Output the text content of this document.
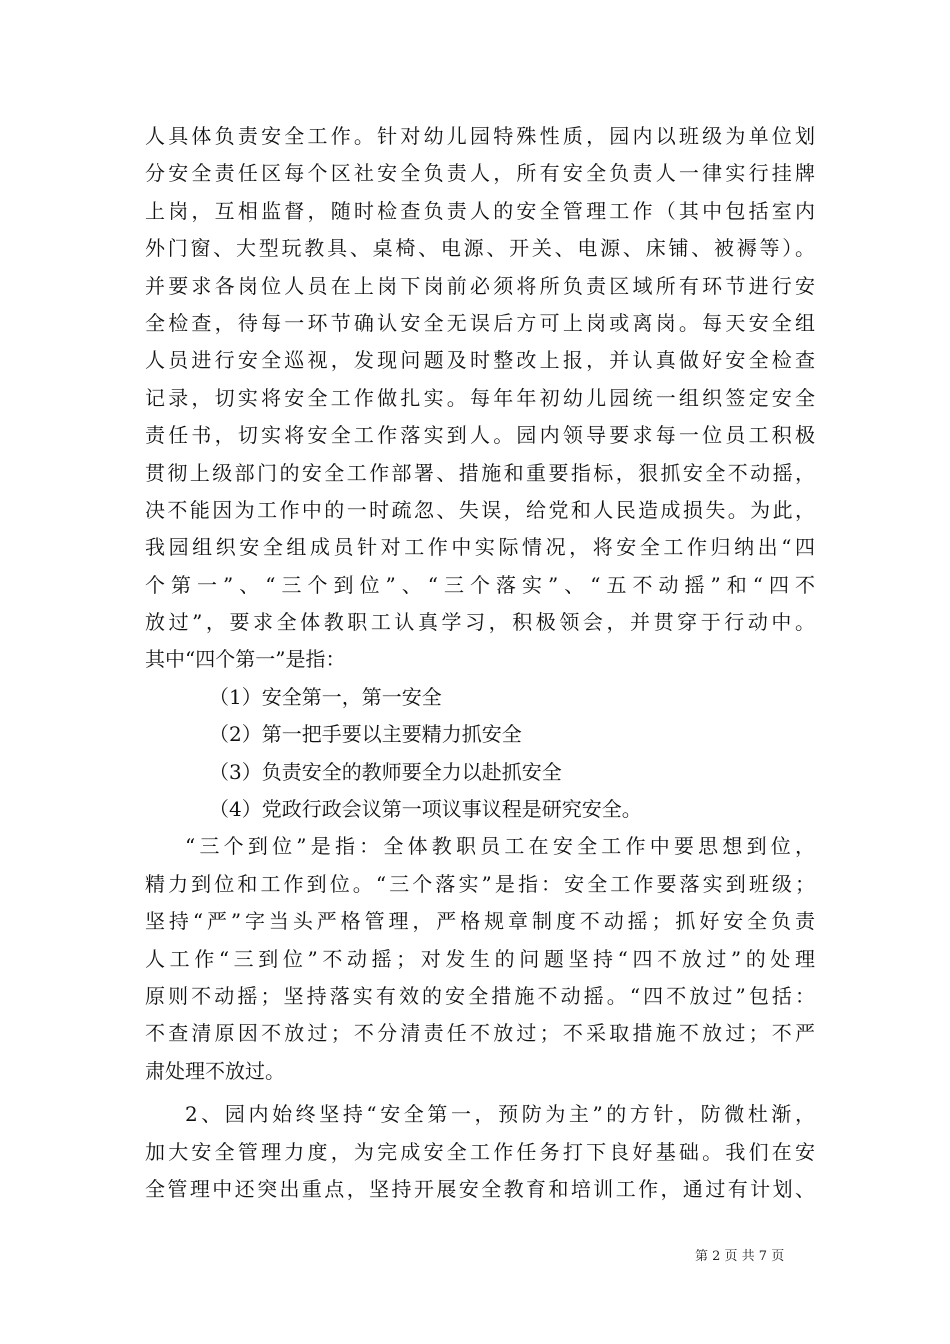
人具体负责安全工作。针对幼儿园特殊性质，园内以班级为单位划
分安全责任区每个区社安全负责人，所有安全负责人一律实行挂牌
上岗，互相监督，随时检查负责人的安全管理工作（其中包括室内
外门窗、大型玩教具、桌椅、电源、开关、电源、床铺、被褥等）。
并要求各岗位人员在上岗下岗前必须将所负责区域所有环节进行安
全检查，待每一环节确认安全无误后方可上岗或离岗。每天安全组
人员进行安全巡视，发现问题及时整改上报，并认真做好安全检查
记录，切实将安全工作做扎实。每年年初幼儿园统一组织签定安全
责任书，切实将安全工作落实到人。园内领导要求每一位员工积极
贯彻上级部门的安全工作部署、措施和重要指标，狠抓安全不动摇，
决不能因为工作中的一时疏忽、失误，给党和人民造成损失。为此，
我园组织安全组成员针对工作中实际情况，将安全工作归纳出“四
个第一”、“三个到位”、“三个落实”、“五不动摇”和“四不
放过”，要求全体教职工认真学习，积极领会，并贯穿于行动中。
其中“四个第一”是指：
（1）安全第一，第一安全
（2）第一把手要以主要精力抓安全
（3）负责安全的教师要全力以赴抓安全
（4）党政行政会议第一项议事议程是研究安全。
“三个到位”是指：全体教职员工在安全工作中要思想到位，
精力到位和工作到位。“三个落实”是指：安全工作要落实到班级；
坚持“严”字当头严格管理，严格规章制度不动摇；抓好安全负责
人工作“三到位”不动摇；对发生的问题坚持“四不放过”的处理
原则不动摇；坚持落实有效的安全措施不动摇。“四不放过”包括：
不查清原因不放过；不分清责任不放过；不采取措施不放过；不严
肃处理不放过。
2、园内始终坚持“安全第一，预防为主”的方针，防微杜渐，
加大安全管理力度，为完成安全工作任务打下良好基础。我们在安
全管理中还突出重点，坚持开展安全教育和培训工作，通过有计划、
第 2 页 共 7 页
